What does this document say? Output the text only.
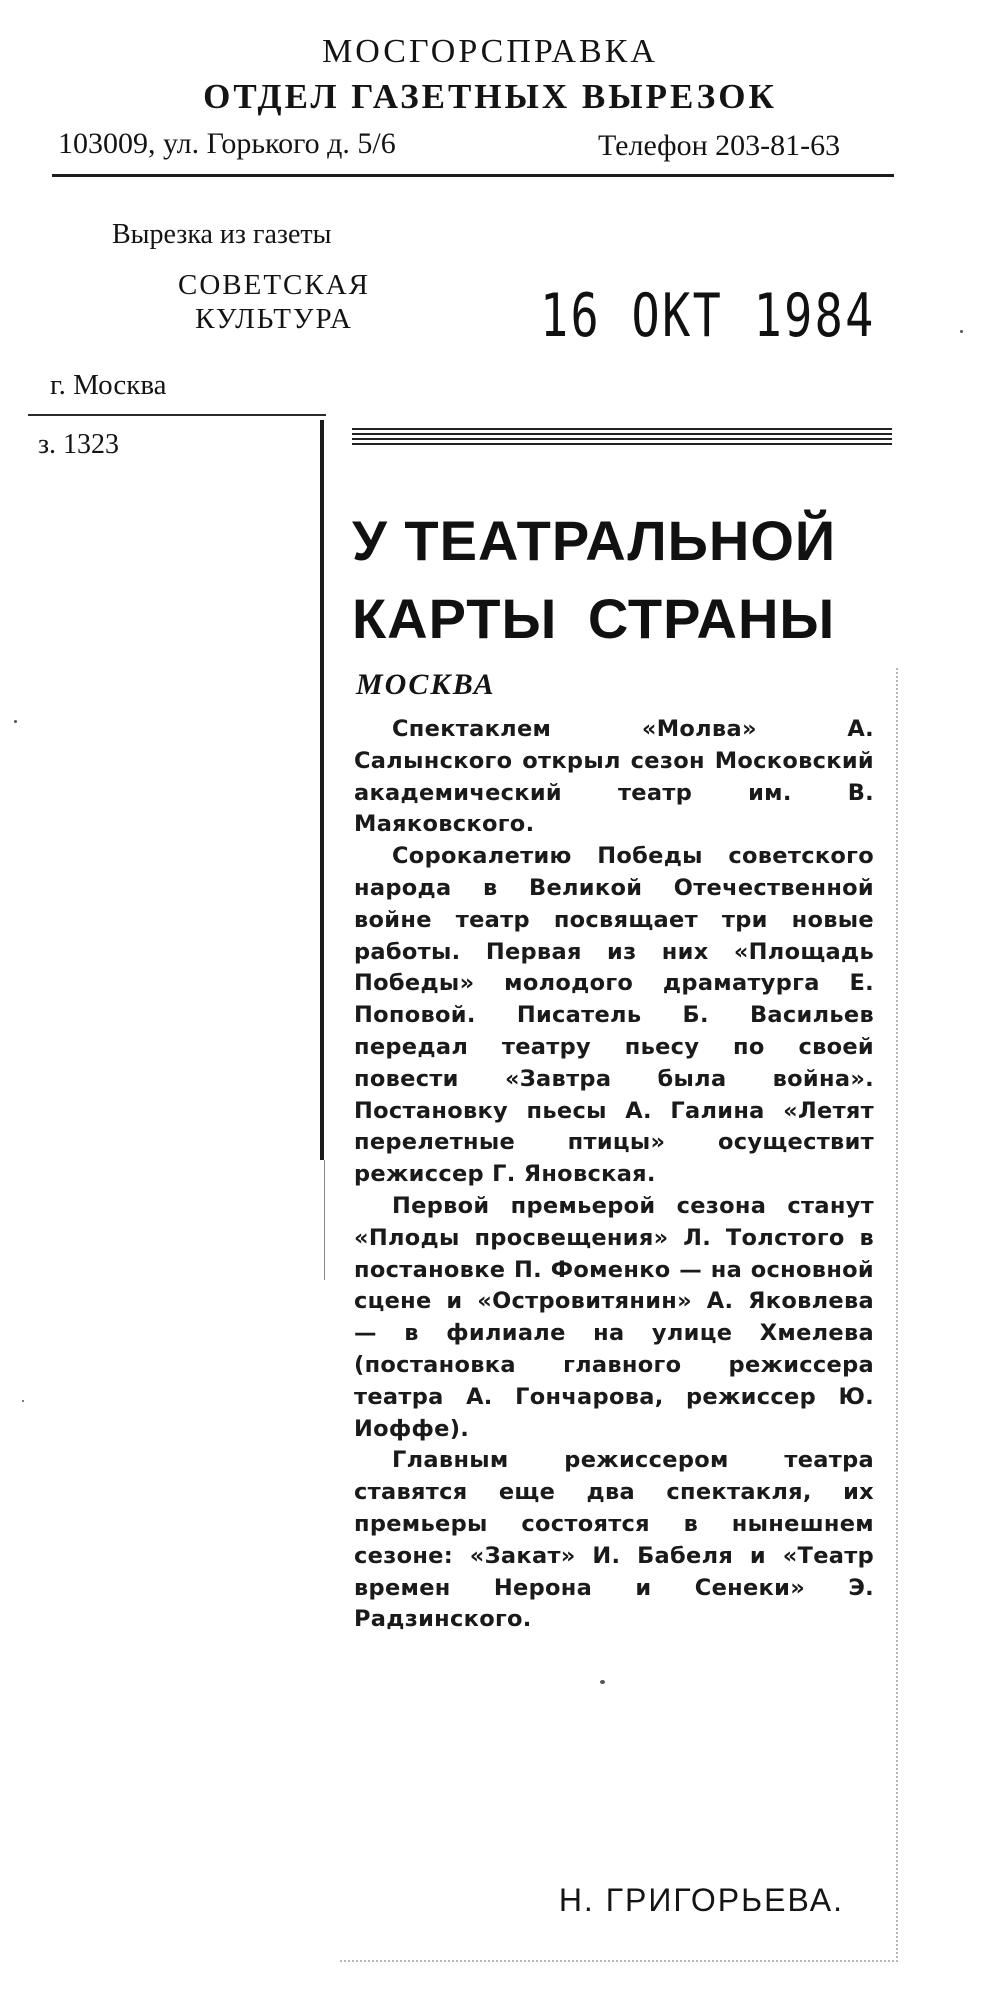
МОСГОРСПРАВКА
ОТДЕЛ ГАЗЕТНЫХ ВЫРЕЗОК
103009, ул. Горького д. 5/6	Телефон 203-81-63
Вырезка из газеты
СОВЕТСКАЯ
КУЛЬТУРА	16 ОКТ 1984
г. Москва
з. 1323
У ТЕАТРАЛЬНОЙ
КАРТЫ СТРАНЫ
МОСКВА

Спектаклем «Молва» А. Салынского открыл сезон Московский академический театр им. В. Маяковского.

Сорокалетию Победы советского народа в Великой Отечественной войне театр посвящает три новые работы. Первая из них «Площадь Победы» молодого драматурга Е. Поповой. Писатель Б. Васильев передал театру пьесу по своей повести «Завтра была война». Постановку пьесы А. Галина «Летят перелетные птицы» осуществит режиссер Г. Яновская.

Первой премьерой сезона станут «Плоды просвещения» Л. Толстого в постановке П. Фоменко — на основной сцене и «Островитянин» А. Яковлева — в филиале на улице Хмелева (постановка главного режиссера театра А. Гончарова, режиссер Ю. Иоффе).

Главным режиссером театра ставятся еще два спектакля, их премьеры состоятся в нынешнем сезоне: «Закат» И. Бабеля и «Театр времен Нерона и Сенеки» Э. Радзинского.

Н. ГРИГОРЬЕВА.
